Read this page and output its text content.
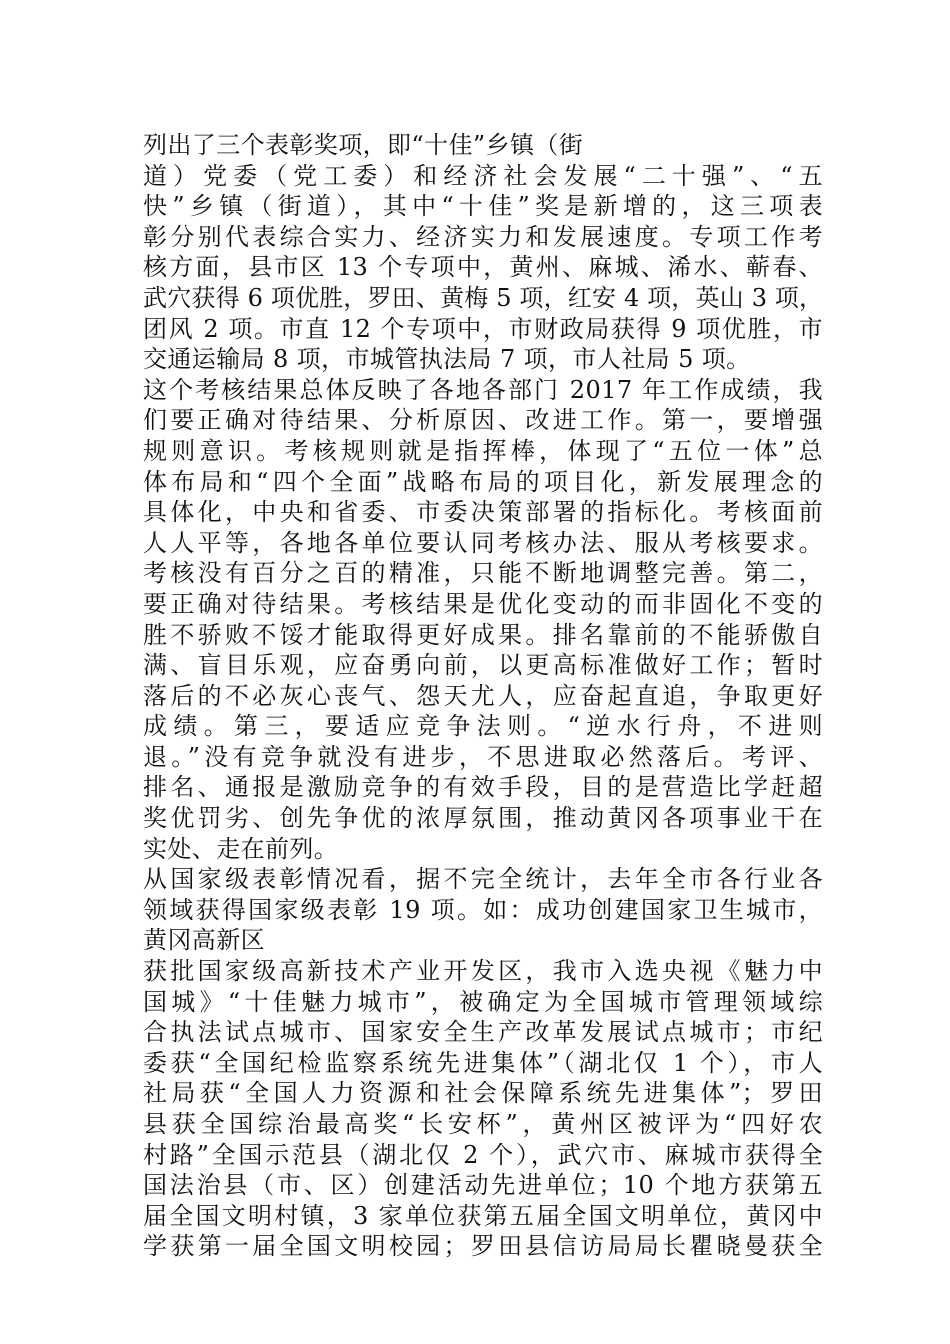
列出了三个表彰奖项，即“十佳”乡镇（街
道）党委（党工委）和经济社会发展“二十强”、“五
快”乡镇（街道），其中“十佳”奖是新增的，这三项表
彰分别代表综合实力、经济实力和发展速度。专项工作考
核方面，县市区 13 个专项中，黄州、麻城、浠水、蕲春、
武穴获得 6 项优胜，罗田、黄梅 5 项，红安 4 项，英山 3 项，
团风 2 项。市直 12 个专项中，市财政局获得 9 项优胜，市
交通运输局 8 项，市城管执法局 7 项，市人社局 5 项。
这个考核结果总体反映了各地各部门 2017 年工作成绩，我
们要正确对待结果、分析原因、改进工作。第一，要增强
规则意识。考核规则就是指挥棒，体现了“五位一体”总
体布局和“四个全面”战略布局的项目化，新发展理念的
具体化，中央和省委、市委决策部署的指标化。考核面前
人人平等，各地各单位要认同考核办法、服从考核要求。
考核没有百分之百的精准，只能不断地调整完善。第二，
要正确对待结果。考核结果是优化变动的而非固化不变的
胜不骄败不馁才能取得更好成果。排名靠前的不能骄傲自
满、盲目乐观，应奋勇向前，以更高标准做好工作；暂时
落后的不必灰心丧气、怨天尤人，应奋起直追，争取更好
成绩。第三，要适应竞争法则。“逆水行舟，不进则
退。”没有竞争就没有进步，不思进取必然落后。考评、
排名、通报是激励竞争的有效手段，目的是营造比学赶超
奖优罚劣、创先争优的浓厚氛围，推动黄冈各项事业干在
实处、走在前列。
从国家级表彰情况看，据不完全统计，去年全市各行业各
领域获得国家级表彰 19 项。如：成功创建国家卫生城市，
黄冈高新区
获批国家级高新技术产业开发区，我市入选央视《魅力中
国城》“十佳魅力城市”，被确定为全国城市管理领域综
合执法试点城市、国家安全生产改革发展试点城市；市纪
委获“全国纪检监察系统先进集体”（湖北仅 1 个），市人
社局获“全国人力资源和社会保障系统先进集体”；罗田
县获全国综治最高奖“长安杯”，黄州区被评为“四好农
村路”全国示范县（湖北仅 2 个），武穴市、麻城市获得全
国法治县（市、区）创建活动先进单位；10 个地方获第五
届全国文明村镇，3 家单位获第五届全国文明单位，黄冈中
学获第一届全国文明校园；罗田县信访局局长瞿晓曼获全
